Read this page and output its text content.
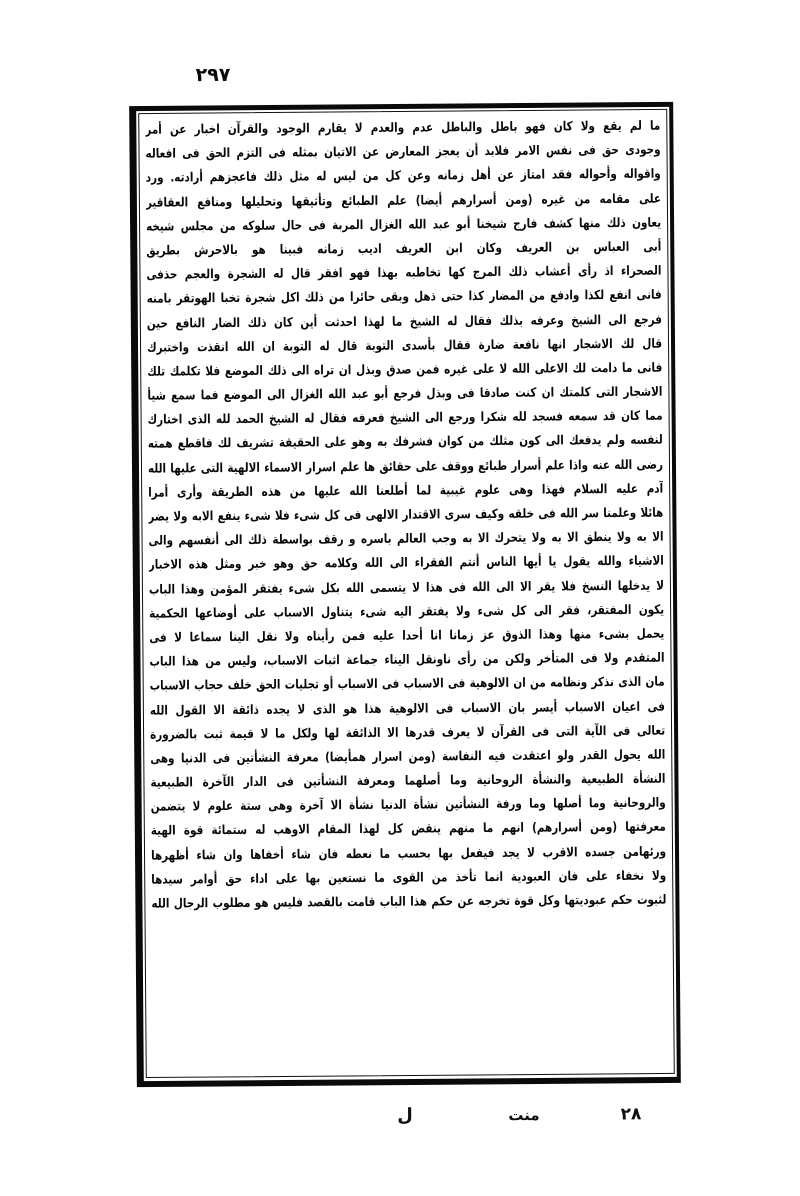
٢٩٧
ما لم يقع ولا كان فهو باطل والباطل عدم والعدم لا يقارم الوجود والقرآن اخبار عن أمر
وجودى حق فى نفس الامر فلابد أن يعجز المعارض عن الاتيان بمثله فى التزم الحق فى افعاله
واقواله وأحواله فقد امتاز عن أهل زمانه وعن كل من ليس له مثل ذلك فاعجزهم أرادته. ورد
على مقامه من غيره (ومن أسرارهم أيضا) علم الطبائع وتأثيقها وتحليلها ومنافع العقاقير
يعاون ذلك منها كشف فارج شيخنا أبو عبد الله الغزال المربة فى حال سلوكه من مجلس شيخه
أبى العباس بن العريف وكان ابن العريف اديب زمانه فبينا هو بالاحرش بطريق
الصحراء اذ رأى أعشاب ذلك المرج كها تخاطبه بهذا فهو افقر قال له الشجرة والعجم حذفى
فانى انفع لكذا وادفع من المضار كذا حتى ذهل وبقى حائرا من ذلك اكل شجرة تخبا الهوتقر بامنه
فرجع الى الشيخ وعرفه بذلك فقال له الشيخ ما لهذا احدثت أين كان ذلك الضار النافع حين
قال لك الاشجار انها نافعة ضارة فقال بأسدى التوبة قال له التوبة ان الله انقذت واختبرك
فانى ما دامت لك الاعلى الله لا على غيره فمن صدق وبذل ان تراه الى ذلك الموضع فلا تكلمك تلك
الاشجار التى كلمتك ان كنت صادقا فى وبذل فرجع أبو عبد الله الغزال الى الموضع فما سمع شيأ
مما كان قد سمعه فسجد لله شكرا ورجع الى الشيخ فعرفه فقال له الشيخ الحمد لله الذى اختارك
لنفسه ولم يدفعك الى كون مثلك من كوان فشرفك به وهو على الحقيقة تشريف لك فاقطع همته
رضى الله عنه واذا علم أسرار طبائع ووقف على حقائق ها علم اسرار الاسماء الالهية التى عليها الله
آدم عليه السلام فهذا وهى علوم غيبية لما أطلعنا الله عليها من هذه الطريقة وأرى أمرا
هائلا وعلمنا سر الله فى خلقه وكيف سرى الاقتدار الالهى فى كل شىء فلا شىء ينفع الابه ولا يضر
الا به ولا ينطق الا به ولا يتحرك الا به وجب العالم باسره و رقف بواسطة ذلك الى أنفسهم والى
الاشياء والله يقول يا أيها الناس أنتم الفقراء الى الله وكلامه حق وهو خبر ومثل هذه الاخبار
لا يدخلها النسخ فلا يقر الا الى الله فى هذا لا يتسمى الله بكل شىء يفتقر المؤمن وهذا الباب
يكون المفتقر، فقر الى كل شىء ولا يفتقر اليه شىء يتناول الاسباب على أوضاعها الحكمية
يحمل بشىء منها وهذا الذوق عز زمانا انا أحدا عليه فمن رأيناه ولا نقل الينا سماعا لا فى
المتقدم ولا فى المتأخر ولكن من رأى ناونقل اليناء جماعة اثبات الاسباب، وليس من هذا الباب
مان الذى نذكر ونظامه من ان الالوهية فى الاسباب فى الاسباب أو تجليات الحق خلف حجاب الاسباب
فى اعيان الاسباب أيسر بان الاسباب فى الالوهية هذا هو الذى لا يجده ذائقة الا القول الله
تعالى فى الآية التى فى القرآن لا يعرف قدرها الا الذائقة لها ولكل ما لا قيمة ثبت بالضرورة
الله يحول القدر ولو اعتقدت فيه النفاسة (ومن اسرار همأيضا) معرفة النشأتين فى الدنيا وهى
النشأة الطبيعية والنشأة الروحانية وما أصلهما ومعرفة النشأتين فى الدار الآخرة الطبيعية
والروحانية وما أصلها وما ورفة النشأتين نشأة الدنيا نشأة الا آخرة وهى ستة علوم لا يتضمن
معرفتها (ومن أسرارهم) انهم ما منهم ينقض كل لهذا المقام الاوهب له ستمائة قوة الهية
ورئهامن جسده الاقرب لا يجد فيفعل بها بحسب ما نعطه فان شاء أخفاها وان شاء أظهرها
ولا نخفاء على فان العبودية انما تأخذ من القوى ما نستعين بها على اداء حق أوامر سيدها
لثبوت حكم عبوديتها وكل قوة تخرجه عن حكم هذا الباب قامت بالقصد فليس هو مطلوب الرجال الله
٢٨
منت
ل
